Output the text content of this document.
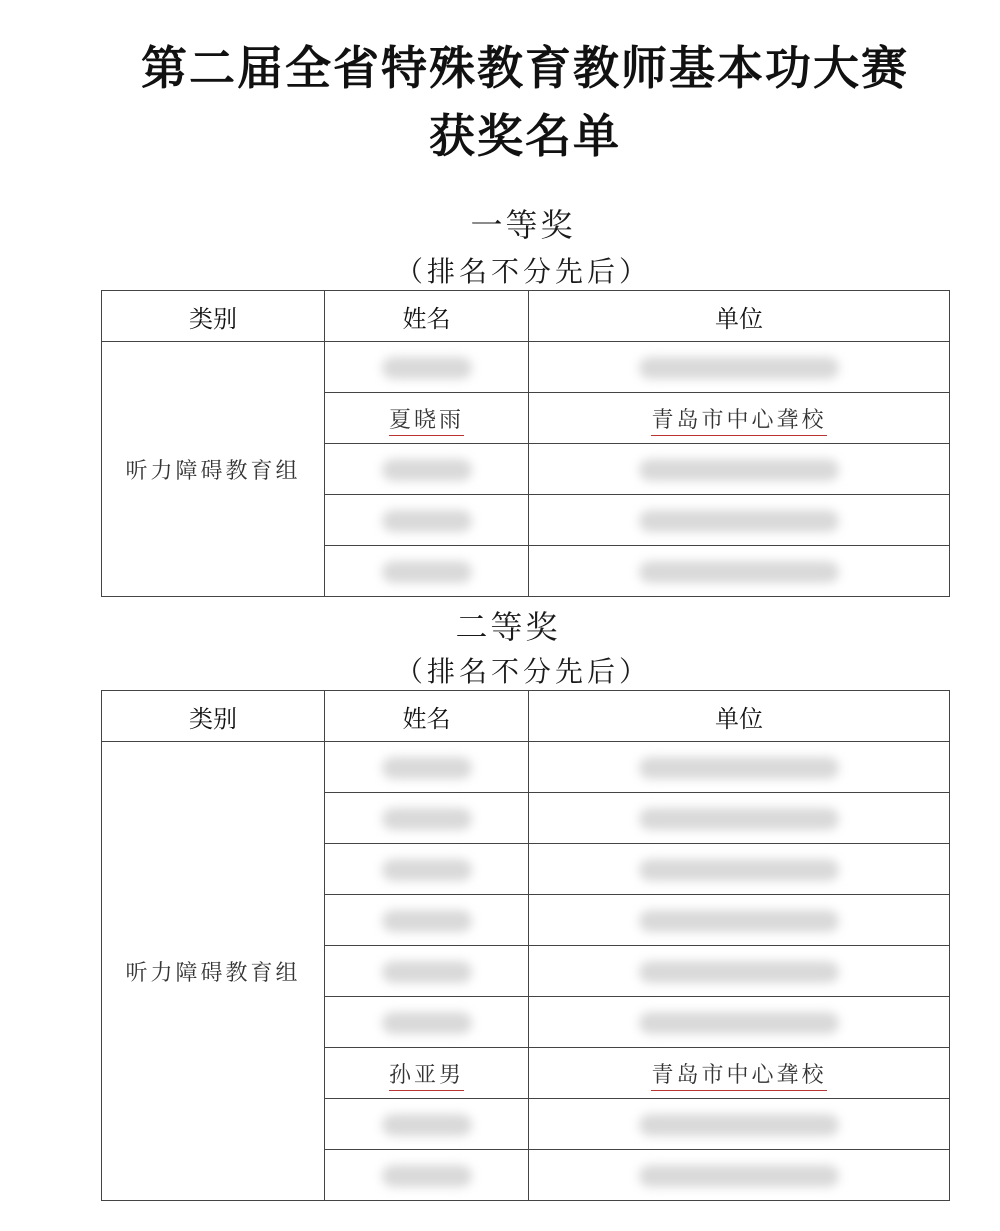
第二届全省特殊教育教师基本功大赛
获奖名单
一等奖
（排名不分先后）
类别	姓名	单位
听力障碍教育组		
	夏晓雨	青岛市中心聋校

二等奖
（排名不分先后）
类别	姓名	单位
听力障碍教育组		

	孙亚男	青岛市中心聋校
